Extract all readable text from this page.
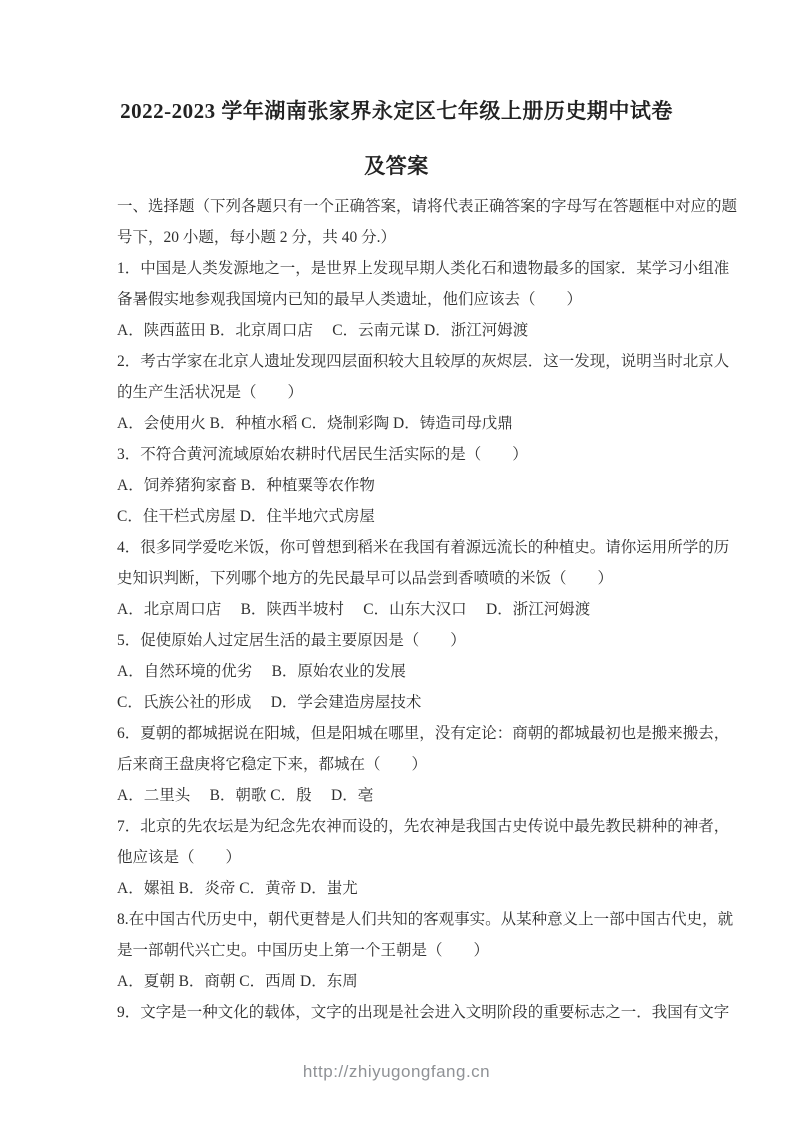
2022-2023 学年湖南张家界永定区七年级上册历史期中试卷
及答案
一、选择题（下列各题只有一个正确答案，请将代表正确答案的字母写在答题框中对应的题
号下，20 小题，每小题 2 分，共 40 分.）
1．中国是人类发源地之一，是世界上发现早期人类化石和遗物最多的国家．某学习小组准
备暑假实地参观我国境内已知的最早人类遗址，他们应该去（　　）
A．陕西蓝田 B．北京周口店　 C．云南元谋 D．浙江河姆渡
2．考古学家在北京人遗址发现四层面积较大且较厚的灰烬层．这一发现，说明当时北京人
的生产生活状况是（　　）
A．会使用火 B．种植水稻 C．烧制彩陶 D．铸造司母戊鼎
3．不符合黄河流域原始农耕时代居民生活实际的是（　　）
A．饲养猪狗家畜 B．种植粟等农作物
C．住干栏式房屋 D．住半地穴式房屋
4．很多同学爱吃米饭，你可曾想到稻米在我国有着源远流长的种植史。请你运用所学的历
史知识判断，下列哪个地方的先民最早可以品尝到香喷喷的米饭（　　）
A．北京周口店　 B．陕西半坡村　 C．山东大汉口　 D．浙江河姆渡
5．促使原始人过定居生活的最主要原因是（　　）
A．自然环境的优劣　 B．原始农业的发展
C．氏族公社的形成　 D．学会建造房屋技术
6．夏朝的都城据说在阳城，但是阳城在哪里，没有定论：商朝的都城最初也是搬来搬去，
后来商王盘庚将它稳定下来，都城在（　　）
A．二里头　 B．朝歌 C．殷　 D．亳
7．北京的先农坛是为纪念先农神而设的，先农神是我国古史传说中最先教民耕种的神者，
他应该是（　　）
A．嫘祖 B．炎帝 C．黄帝 D．蚩尤
8.在中国古代历史中，朝代更替是人们共知的客观事实。从某种意义上一部中国古代史，就
是一部朝代兴亡史。中国历史上第一个王朝是（　　）
A．夏朝 B．商朝 C．西周 D．东周
9．文字是一种文化的载体，文字的出现是社会进入文明阶段的重要标志之一．我国有文字
http://zhiyugongfang.cn
